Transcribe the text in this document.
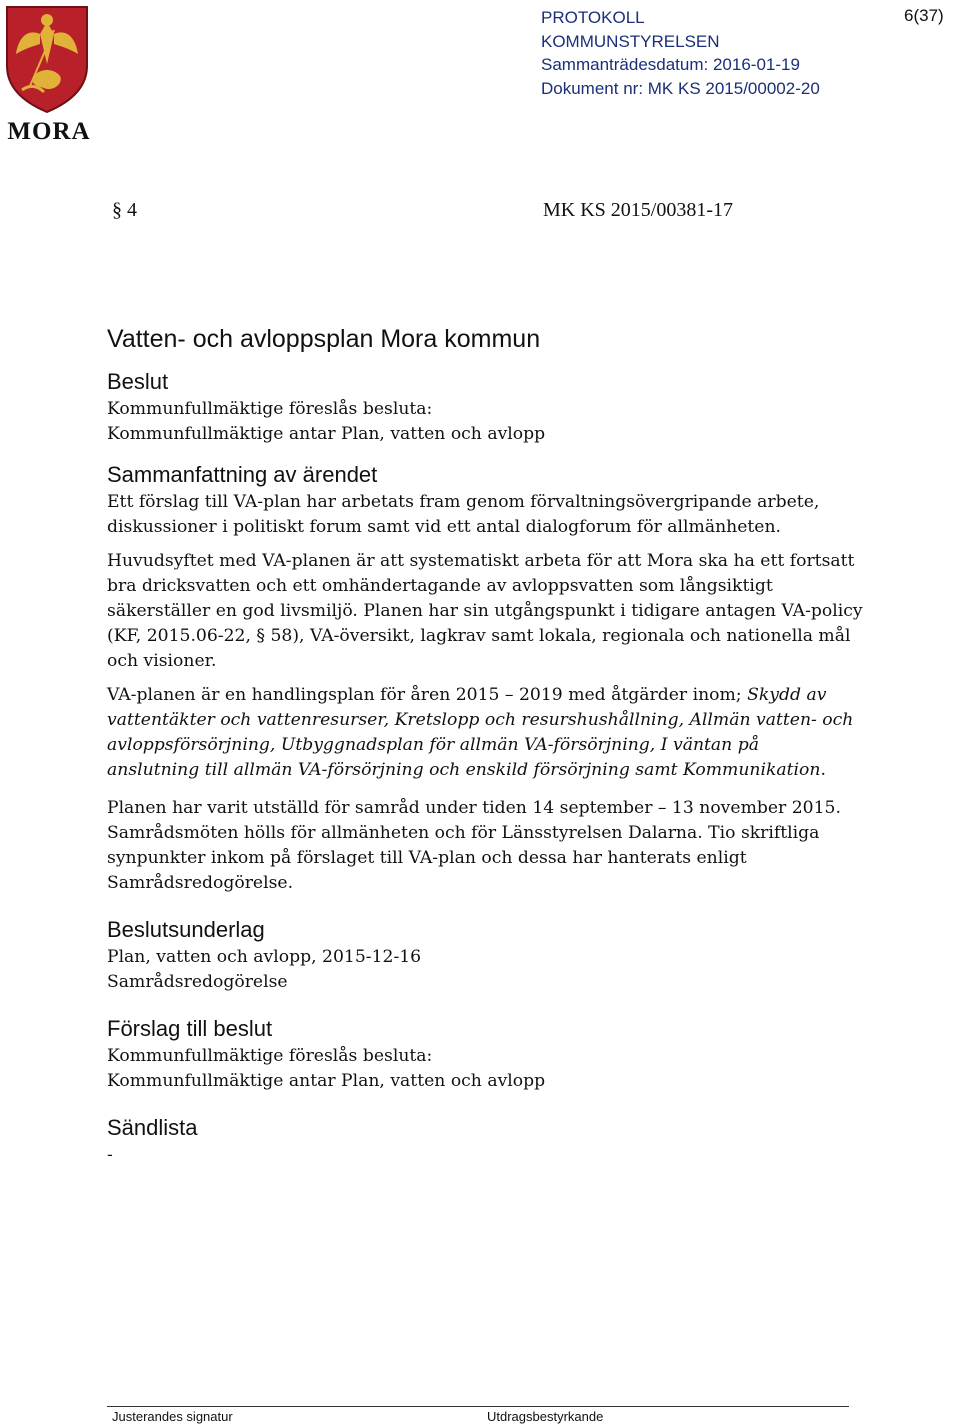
MORA
PROTOKOLL
KOMMUNSTYRELSEN
Sammanträdesdatum: 2016-01-19
Dokument nr: MK KS 2015/00002-20
6(37)
§ 4	MK KS 2015/00381-17
Vatten- och avloppsplan Mora kommun
Beslut

Kommunfullmäktige föreslås besluta:

Kommunfullmäktige antar Plan, vatten och avlopp

Sammanfattning av ärendet

Ett förslag till VA-plan har arbetats fram genom förvaltningsövergripande arbete,

diskussioner i politiskt forum samt vid ett antal dialogforum för allmänheten.

Huvudsyftet med VA-planen är att systematiskt arbeta för att Mora ska ha ett fortsatt

bra dricksvatten och ett omhändertagande av avloppsvatten som långsiktigt

säkerställer en god livsmiljö. Planen har sin utgångspunkt i tidigare antagen VA-policy

(KF, 2015.06-22, § 58), VA-översikt, lagkrav samt lokala, regionala och nationella mål

och visioner.

VA-planen är en handlingsplan för åren 2015 – 2019 med åtgärder inom; Skydd av

vattentäkter och vattenresurser, Kretslopp och resurshushållning, Allmän vatten- och

avloppsförsörjning, Utbyggnadsplan för allmän VA-försörjning, I väntan på

anslutning till allmän VA-försörjning och enskild försörjning samt Kommunikation.

Planen har varit utställd för samråd under tiden 14 september – 13 november 2015.

Samrådsmöten hölls för allmänheten och för Länsstyrelsen Dalarna. Tio skriftliga

synpunkter inkom på förslaget till VA-plan och dessa har hanterats enligt

Samrådsredogörelse.

Beslutsunderlag

Plan, vatten och avlopp, 2015-12-16

Samrådsredogörelse

Förslag till beslut

Kommunfullmäktige föreslås besluta:

Kommunfullmäktige antar Plan, vatten och avlopp

Sändlista

-

Justerandes signatur	Utdragsbestyrkande
